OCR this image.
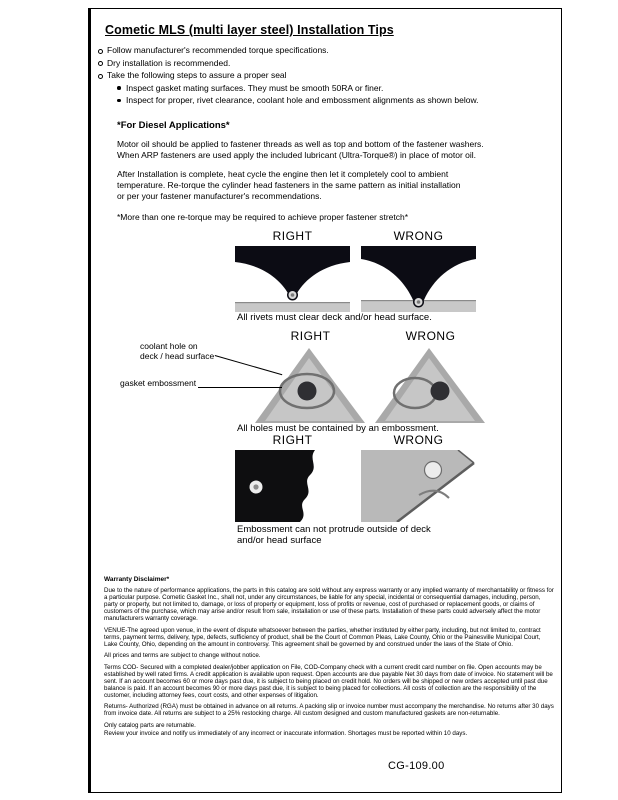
Cometic MLS (multi layer steel) Installation Tips
Follow manufacturer's recommended torque specifications.
Dry installation is recommended.
Take the following steps to assure a proper seal
Inspect gasket mating surfaces. They must be smooth 50RA or finer.
Inspect for proper, rivet clearance, coolant hole and embossment alignments as shown below.
*For Diesel Applications*
Motor oil should be applied to fastener threads as well as top and bottom of the fastener washers.
When ARP fasteners are used apply the included lubricant (Ultra-Torque®) in place of motor oil.
After Installation is complete, heat cycle the engine then let it completely cool to ambient
temperature. Re-torque the cylinder head fasteners in the same pattern as initial installation
or per your fastener manufacturer's recommendations.
*More than one re-torque may be required to achieve proper fastener stretch*
RIGHT	WRONG
All rivets must clear deck and/or head surface.
RIGHT	WRONG
coolant hole on
deck / head surface
gasket embossment
All holes must be contained by an embossment.
RIGHT	WRONG
Embossment can not protrude outside of deck and/or head surface
Warranty Disclaimer*
Due to the nature of performance applications, the parts in this catalog are sold without any express warranty or any implied warranty of merchantability or fitness for a particular purpose. Cometic Gasket Inc., shall not, under any circumstances, be liable for any special, incidental or consequential damages, including, person, party or property, but not limited to, damage, or loss of property or equipment, loss of profits or revenue, cost of purchased or replacement goods, or claims of customers of the purchase, which may arise and/or result from sale, installation or use of these parts. Installation of these parts could adversely affect the motor manufacturers warranty coverage.
VENUE-The agreed upon venue, in the event of dispute whatsoever between the parties, whether instituted by either party, including, but not limited to, contract terms, payment terms, delivery, type, defects, sufficiency of product, shall be the Court of Common Pleas, Lake County, Ohio or the Painesville Municipal Court, Lake County, Ohio, depending on the amount in controversy. This agreement shall be governed by and construed under the laws of the State of Ohio.
All prices and terms are subject to change without notice.
Terms COD- Secured with a completed dealer/jobber application on File, COD-Company check with a current credit card number on file. Open accounts may be established by well rated firms. A credit application is available upon request. Open accounts are due payable Net 30 days from date of invoice. No statement will be sent. If an account becomes 60 or more days past due, it is subject to being placed on credit hold. No orders will be shipped or new orders accepted until past due balance is paid. If an account becomes 90 or more days past due, it is subject to being placed for collections. All costs of collection are the responsibility of the customer, including attorney fees, court costs, and other expenses of litigation.
Returns- Authorized (RGA) must be obtained in advance on all returns. A packing slip or invoice number must accompany the merchandise. No returns after 30 days from invoice date. All returns are subject to a 25% restocking charge. All custom designed and custom manufactured gaskets are non-returnable.
Only catalog parts are returnable.
Review your invoice and notify us immediately of any incorrect or inaccurate information. Shortages must be reported within 10 days.
CG-109.00
